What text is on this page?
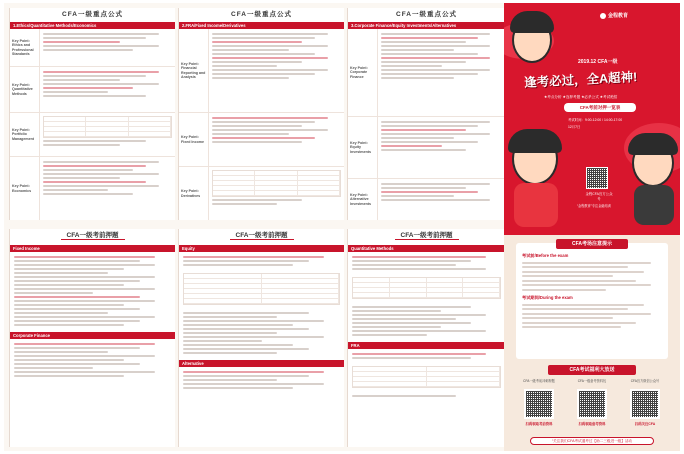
CFA一级重点公式
1.Ethics/Quantitative Methods/Economics
Key Point: Ethics and Professional Standards
Key Point: Quantitative Methods
Key Point: Portfolio Management
Key Point: Economics
CFA一级重点公式
2.FRA/Fixed Income/Derivatives
Key Point: Financial Reporting and Analysis
Key Point: Fixed Income
Key Point: Derivatives
CFA一级重点公式
3.Corporate Finance/Equity Investments/Alternatives
Key Point: Corporate Finance
Key Point: Equity Investments
Key Point: Alternative Investments
CFA一级考前押题
Fixed Income
Corporate Finance
CFA一级考前押题
Equity
Alternative
CFA一级考前押题
Quantitative Methods
FRA
金程教育
2019.12 CFA一级
逢考必过，全A超神!
★考点分析 ★连押考题 ★必杀公式 ★考试绝招
CFA考前对押一览表
考试时间：9:00-12:00 / 14:00-17:00
12月7日
金程CFA官方公众号
“金程教育”专注金融培训
CFA考场注意提示
考试前/Before the exam
考试期间/During the exam
CFA考试福利大放送
CFA一级考前冲刺押题
扫码领取考前资料
CFA一级备考资料包
扫码领取备考资料
CFA官方微信公众号
扫码关注CFA
“关注我们CFA考试通考过【助二三级进一级】活动
